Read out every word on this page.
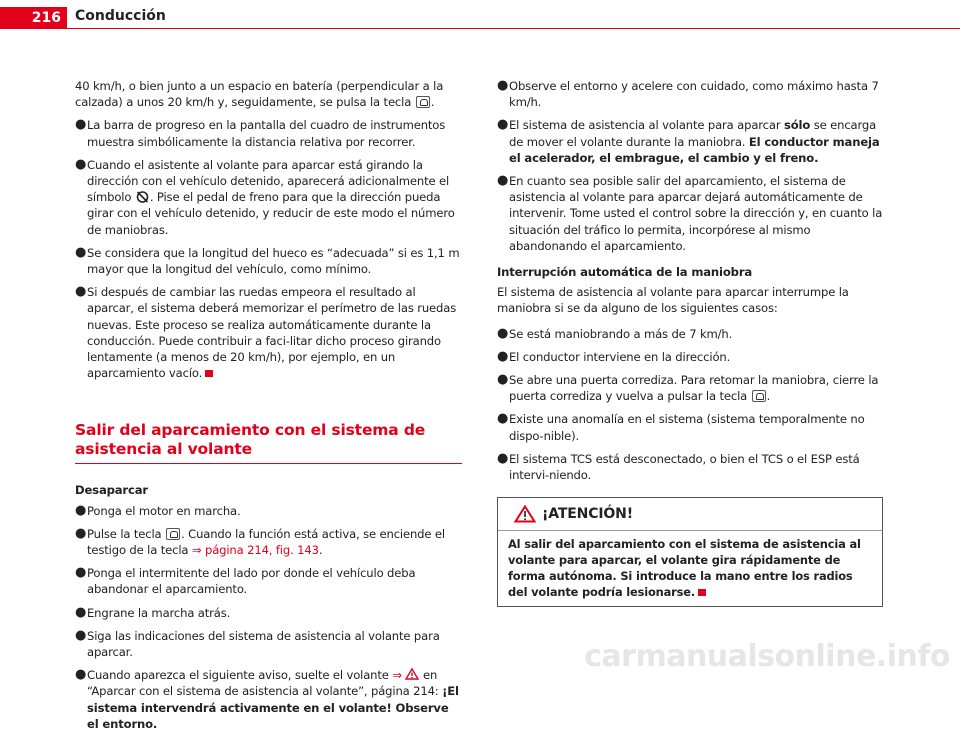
216	Conducción

40 km/h, o bien junto a un espacio en batería (perpendicular a la calzada) a unos 20 km/h y, seguidamente, se pulsa la tecla .

● La barra de progreso en la pantalla del cuadro de instrumentos muestra simbólicamente la distancia relativa por recorrer.
● Cuando el asistente al volante para aparcar está girando la dirección con el vehículo detenido, aparecerá adicionalmente el símbolo . Pise el pedal de freno para que la dirección pueda girar con el vehículo detenido, y reducir de este modo el número de maniobras.
● Se considera que la longitud del hueco es “adecuada” si es 1,1 m mayor que la longitud del vehículo, como mínimo.
● Si después de cambiar las ruedas empeora el resultado al aparcar, el sistema deberá memorizar el perímetro de las ruedas nuevas. Este proceso se realiza automáticamente durante la conducción. Puede contribuir a faci-litar dicho proceso girando lentamente (a menos de 20 km/h), por ejemplo, en un aparcamiento vacío.
Salir del aparcamiento con el sistema de asistencia al volante
Desaparcar
● Ponga el motor en marcha.
● Pulse la tecla . Cuando la función está activa, se enciende el testigo de la tecla ⇒ página 214, fig. 143.
● Ponga el intermitente del lado por donde el vehículo deba abandonar el aparcamiento.
● Engrane la marcha atrás.
● Siga las indicaciones del sistema de asistencia al volante para aparcar.
● Cuando aparezca el siguiente aviso, suelte el volante ⇒  en “Aparcar con el sistema de asistencia al volante”, página 214: ¡El sistema intervendrá activamente en el volante! Observe el entorno.
● Observe el entorno y acelere con cuidado, como máximo hasta 7 km/h.
● El sistema de asistencia al volante para aparcar sólo se encarga de mover el volante durante la maniobra. El conductor maneja el acelerador, el embrague, el cambio y el freno.
● En cuanto sea posible salir del aparcamiento, el sistema de asistencia al volante para aparcar dejará automáticamente de intervenir. Tome usted el control sobre la dirección y, en cuanto la situación del tráfico lo permita, incorpórese al mismo abandonando el aparcamiento.
Interrupción automática de la maniobra

El sistema de asistencia al volante para aparcar interrumpe la maniobra si se da alguno de los siguientes casos:

● Se está maniobrando a más de 7 km/h.
● El conductor interviene en la dirección.
● Se abre una puerta corrediza. Para retomar la maniobra, cierre la puerta corrediza y vuelva a pulsar la tecla .
● Existe una anomalía en el sistema (sistema temporalmente no dispo-nible).
● El sistema TCS está desconectado, o bien el TCS o el ESP está intervi-niendo.
¡ATENCIÓN!
Al salir del aparcamiento con el sistema de asistencia al volante para aparcar, el volante gira rápidamente de forma autónoma. Si introduce la mano entre los radios del volante podría lesionarse.
carmanualsonline.info
